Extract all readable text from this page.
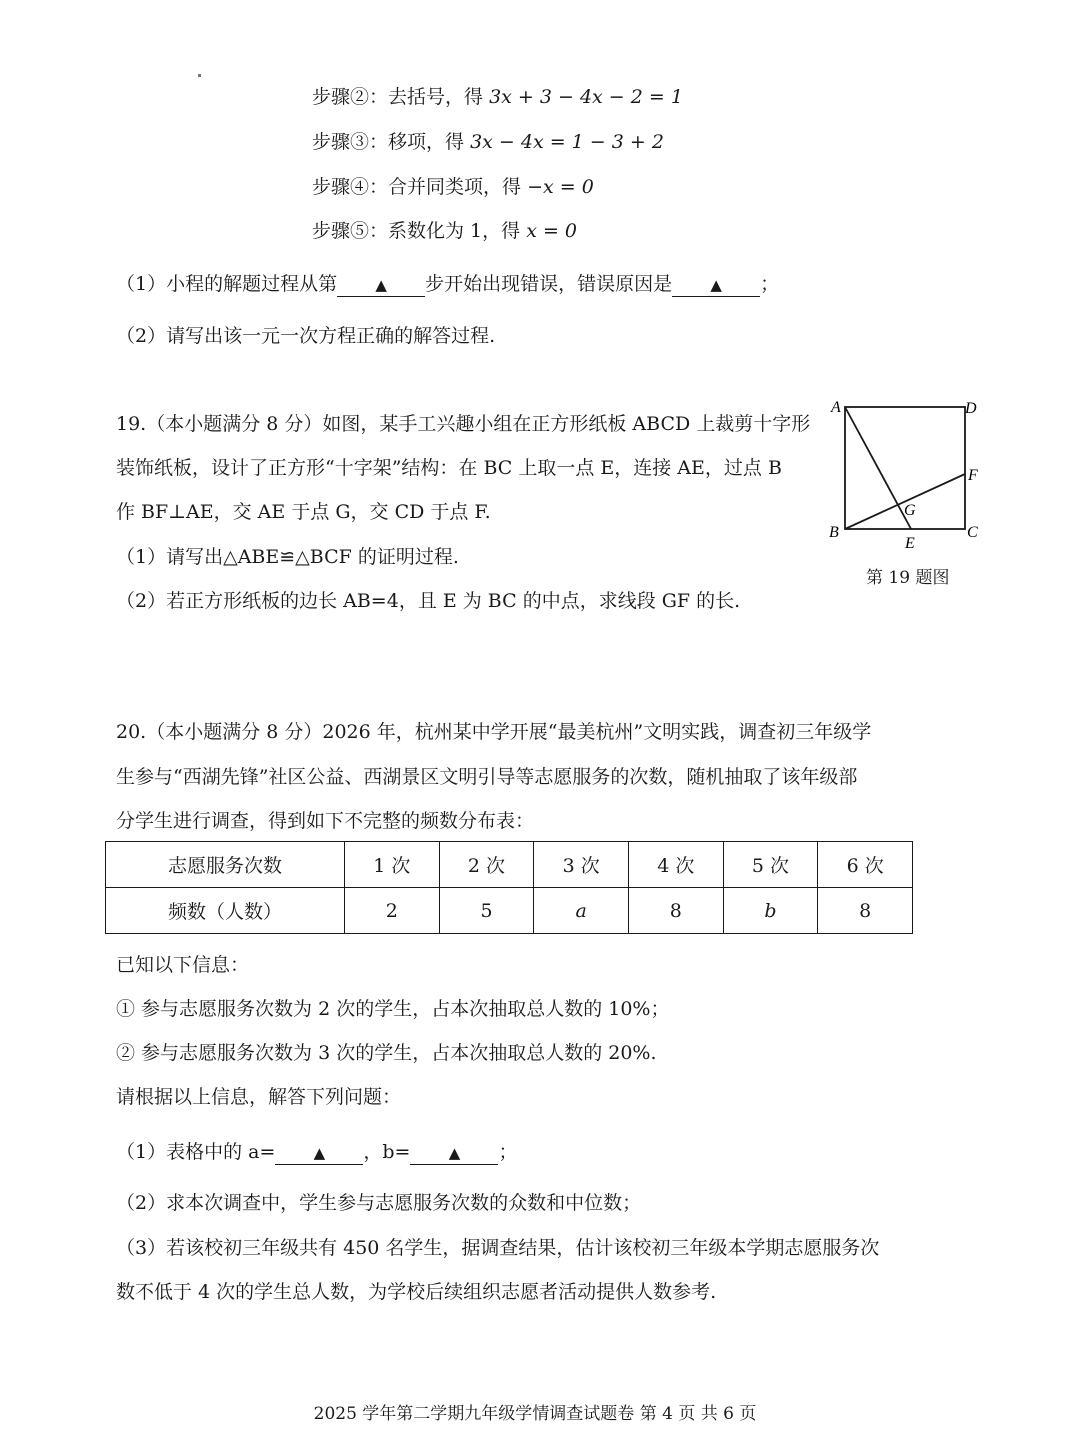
步骤②：去括号，得 3x + 3 − 4x − 2 = 1
步骤③：移项，得 3x − 4x = 1 − 3 + 2
步骤④：合并同类项，得 −x = 0
步骤⑤：系数化为 1，得 x = 0
（1）小程的解题过程从第	▲ 步开始出现错误，错误原因是	▲ ；
（2）请写出该一元一次方程正确的解答过程.
19.（本小题满分 8 分）如图，某手工兴趣小组在正方形纸板 ABCD 上裁剪十字形
装饰纸板，设计了正方形“十字架”结构：在 BC 上取一点 E，连接 AE，过点 B
作 BF⊥AE，交 AE 于点 G，交 CD 于点 F.
（1）请写出△ABE≌△BCF 的证明过程.
（2）若正方形纸板的边长 AB=4，且 E 为 BC 的中点，求线段 GF 的长.
A	D
B	C
E
F
G
第 19 题图
20.（本小题满分 8 分）2026 年，杭州某中学开展“最美杭州”文明实践，调查初三年级学
生参与“西湖先锋”社区公益、西湖景区文明引导等志愿服务的次数，随机抽取了该年级部
分学生进行调查，得到如下不完整的频数分布表：
志愿服务次数	1 次	2 次	3 次	4 次	5 次	6 次
频数（人数）	2	5	a	8	b	8
已知以下信息：
① 参与志愿服务次数为 2 次的学生，占本次抽取总人数的 10%；
② 参与志愿服务次数为 3 次的学生，占本次抽取总人数的 20%.
请根据以上信息，解答下列问题：
（1）表格中的 a=	▲ ，b=	▲ ；
（2）求本次调查中，学生参与志愿服务次数的众数和中位数；
（3）若该校初三年级共有 450 名学生，据调查结果，估计该校初三年级本学期志愿服务次
数不低于 4 次的学生总人数，为学校后续组织志愿者活动提供人数参考.
2025 学年第二学期九年级学情调查试题卷 第 4 页 共 6 页
